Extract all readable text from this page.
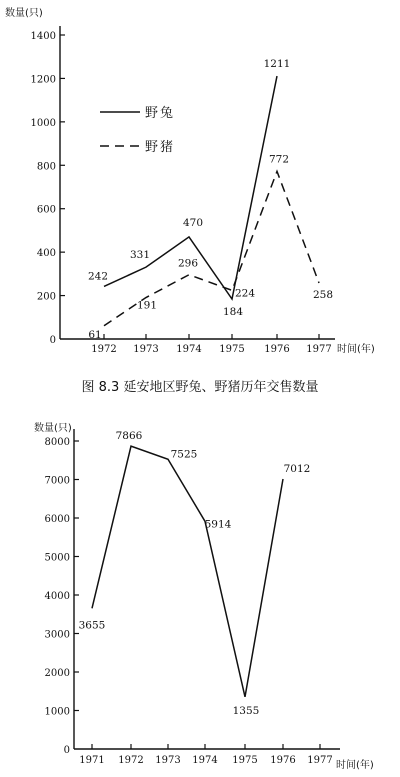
数量(只)
时间(年)
0
200
400
600
800
1000
1200
1400
1972 1973 1974 1975 1976 1977
野兔
野猪
242
331
470
184
1211
61
191
296
224
772
258
图 8.3 延安地区野兔、野猪历年交售数量
数量(只)
时间(年)
0
1000
2000
3000
4000
5000
6000
7000
8000
1971 1972 1973 1974 1975 1976 1977
3655
7866
7525
5914
1355
7012
